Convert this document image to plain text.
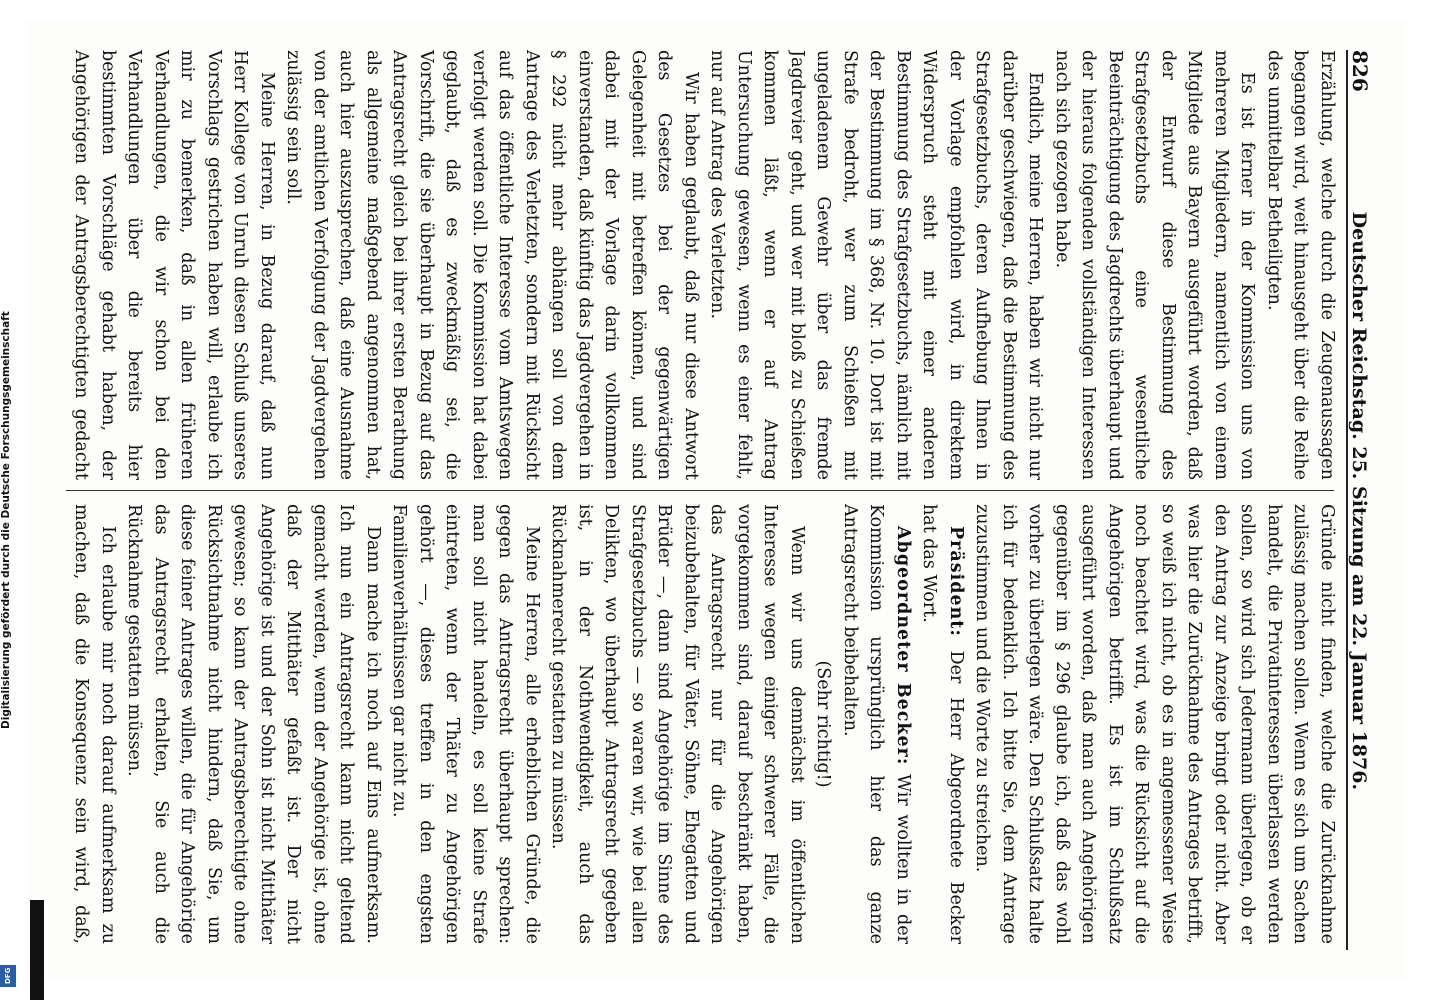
826
Deutscher Reichstag. 25. Sitzung am 22. Januar 1876.

Erzählung, welche durch die Zeugenaussagen begangen wird, weit hinausgeht über die Reihe des unmittelbar Betheiligten.

Es ist ferner in der Kommission uns von mehreren Mitgliedern, namentlich von einem Mitgliede aus Bayern ausgeführt worden, daß der Entwurf diese Bestimmung des Strafgesetzbuchs eine wesentliche Beeinträchtigung des Jagdrechts überhaupt und der hieraus folgenden vollständigen Interessen nach sich gezogen habe.

Endlich, meine Herren, haben wir nicht nur darüber geschwiegen, daß die Bestimmung des Strafgesetzbuchs, deren Aufhebung Ihnen in der Vorlage empfohlen wird, in direktem Widerspruch steht mit einer anderen Bestimmung des Strafgesetzbuchs, nämlich mit der Bestimmung im § 368, Nr. 10. Dort ist mit Strafe bedroht, wer zum Schießen mit ungeladenem Gewehr über das fremde Jagdrevier geht, und wer mit bloß zu Schießen kommen läßt, wenn er auf Antrag Untersuchung gewesen, wenn es einer fehlt, nur auf Antrag des Verletzten.

Wir haben geglaubt, daß nur diese Antwort des Gesetzes bei der gegenwärtigen Gelegenheit mit betreffen können, und sind dabei mit der Vorlage darin vollkommen einverstanden, daß künftig das Jagdvergehen in § 292 nicht mehr abhängen soll von dem Antrage des Verletzten, sondern mit Rücksicht auf das öffentliche Interesse vom Amtswegen verfolgt werden soll. Die Kommission hat dabei geglaubt, daß es zweckmäßig sei, die Vorschrift, die sie überhaupt in Bezug auf das Antragsrecht gleich bei ihrer ersten Berathung als allgemeine maßgebend angenommen hat, auch hier auszusprechen, daß eine Ausnahme von der amtlichen Verfolgung der Jagdvergehen zulässig sein soll.

Meine Herren, in Bezug darauf, daß nun Herr Kollege von Unruh diesen Schluß unseres Vorschlags gestrichen haben will, erlaube ich mir zu bemerken, daß in allen früheren Verhandlungen, die wir schon bei den Verhandlungen über die bereits hier bestimmten Vorschläge gehabt haben, der Angehörigen der Antragsberechtigten gedacht

Gründe nicht finden, welche die Zurücknahme zulässig machen sollen. Wenn es sich um Sachen handelt, die Privatinteressen überlassen werden sollen, so wird sich Jedermann überlegen, ob er den Antrag zur Anzeige bringt oder nicht. Aber was hier die Zurücknahme des Antrages betrifft, so weiß ich nicht, ob es in angemessener Weise noch beachtet wird, was die Rücksicht auf die Angehörigen betrifft. Es ist im Schlußsatz ausgeführt worden, daß man auch Angehörigen gegenüber im § 296 glaube ich, daß das wohl vorher zu überlegen wäre. Den Schlußsatz halte ich für bedenklich. Ich bitte Sie, dem Antrage zuzustimmen und die Worte zu streichen.

Präsident: Der Herr Abgeordnete Becker hat das Wort.

Abgeordneter Becker: Wir wollten in der Kommission ursprünglich hier das ganze Antragsrecht beibehalten.

(Sehr richtig!)

Wenn wir uns demnächst im öffentlichen Interesse wegen einiger schwerer Fälle, die vorgekommen sind, darauf beschränkt haben, das Antragsrecht nur für die Angehörigen beizubehalten, für Väter, Söhne, Ehegatten und Brüder —, dann sind Angehörige im Sinne des Strafgesetzbuchs — so waren wir, wie bei allen Delikten, wo überhaupt Antragsrecht gegeben ist, in der Nothwendigkeit, auch das Rücknahmerecht gestatten zu müssen.

Meine Herren, alle erheblichen Gründe, die gegen das Antragsrecht überhaupt sprechen: man soll nicht handeln, es soll keine Strafe eintreten, wenn der Thäter zu Angehörigen gehört —, dieses treffen in den engsten Familienverhältnissen gar nicht zu.

Dann mache ich noch auf Eins aufmerksam. Ich nun ein Antragsrecht kann nicht geltend gemacht werden, wenn der Angehörige ist, ohne daß der Mitthäter gefaßt ist. Der nicht Angehörige ist und der Sohn ist nicht Mitthäter gewesen; so kann der Antragsberechtigte ohne Rücksichtnahme nicht hindern, daß Sie, um diese feiner Antrages willen, die für Angehörige das Antragsrecht erhalten, Sie auch die Rücknahme gestatten müssen.

Ich erlaube mir noch darauf aufmerksam zu machen, daß die Konsequenz sein wird, daß,

Digitalisierung gefördert durch die Deutsche Forschungsgemeinschaft
DFG
